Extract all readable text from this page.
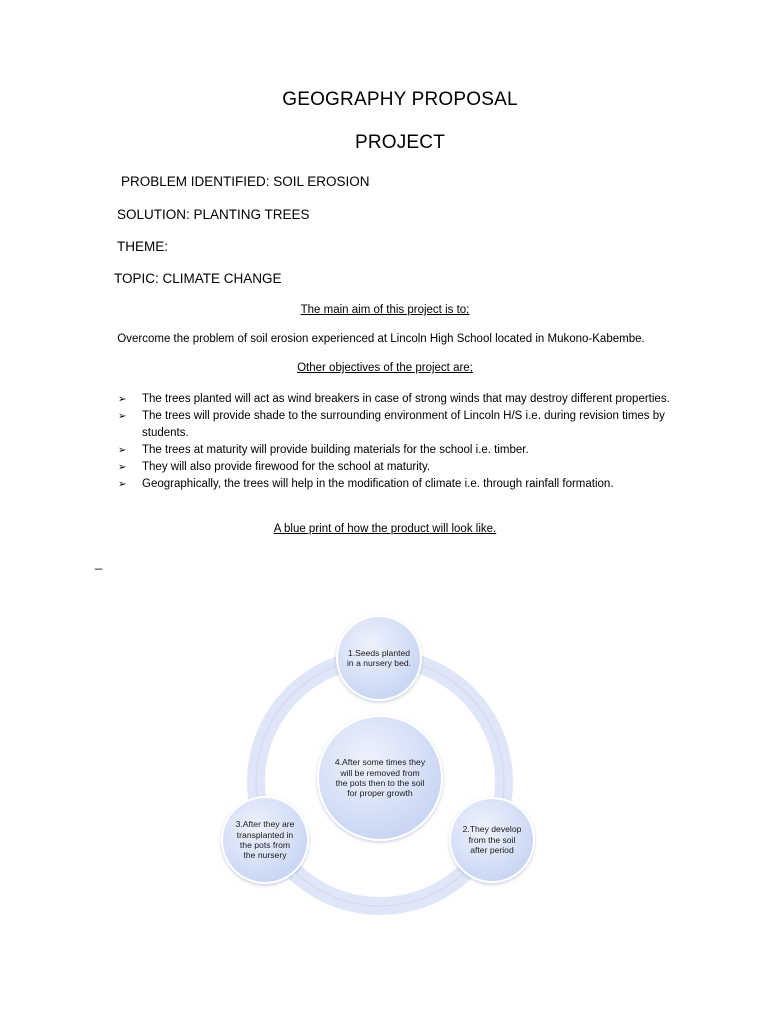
GEOGRAPHY PROPOSAL
PROJECT
PROBLEM IDENTIFIED: SOIL EROSION
SOLUTION: PLANTING TREES
THEME:
TOPIC: CLIMATE CHANGE
The main aim of this project is to;
Overcome the problem of soil erosion experienced at Lincoln High School located in Mukono-Kabembe.
Other objectives of the project are;
➢ The trees planted will act as wind breakers in case of strong winds that may destroy different properties.
➢ The trees will provide shade to the surrounding environment of Lincoln H/S i.e. during revision times by students.
➢ The trees at maturity will provide building materials for the school i.e. timber.
➢ They will also provide firewood for the school at maturity.
➢ Geographically, the trees will help in the modification of climate i.e. through rainfall formation.
A blue print of how the product will look like.
_
1.Seeds planted in a nursery bed.
4.After some times they will be removed from the pots then to the soil for proper growth
2.They develop from the soil after period
3.After they are transplanted in the pots from the nursery
